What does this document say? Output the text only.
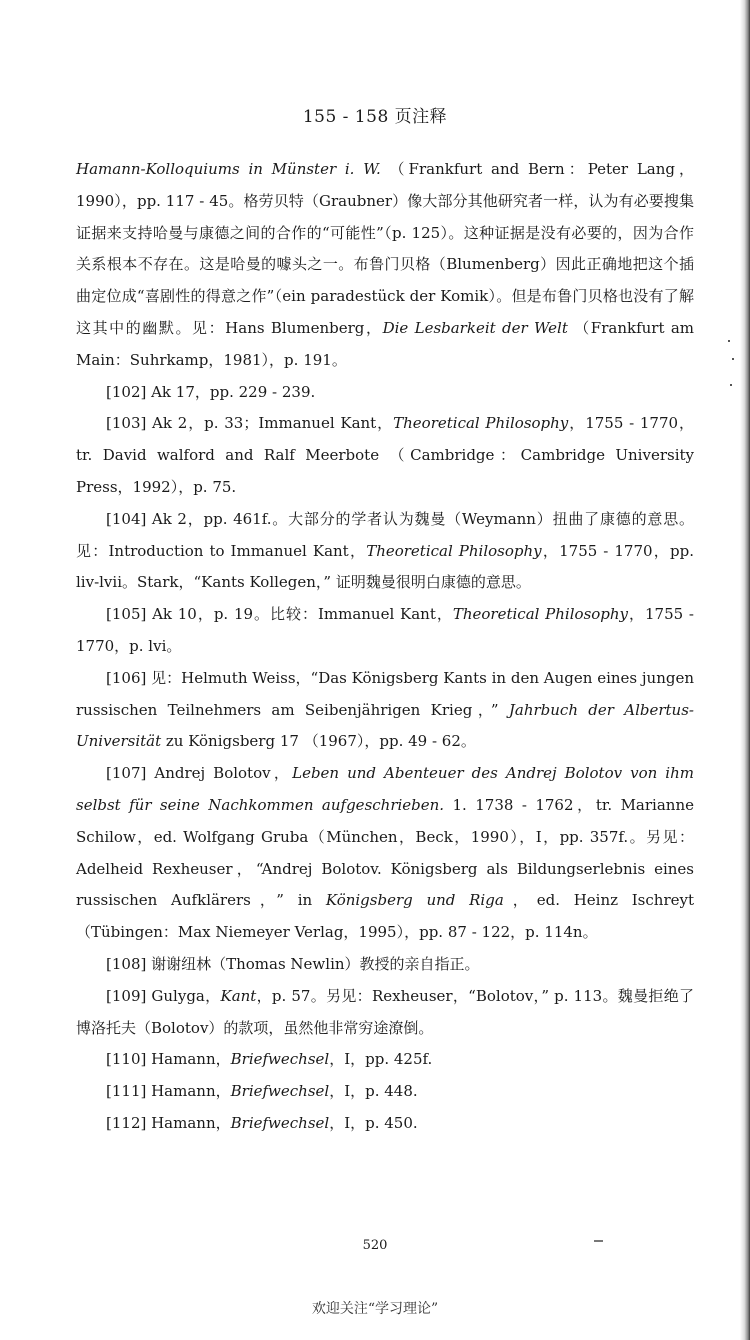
155 - 158 页注释

Hamann-Kolloquiums in Münster i. W. （Frankfurt and Bern：Peter Lang，1990），pp. 117 - 45。格劳贝特（Graubner）像大部分其他研究者一样，认为有必要搜集证据来支持哈曼与康德之间的合作的“可能性”（p. 125）。这种证据是没有必要的，因为合作关系根本不存在。这是哈曼的噱头之一。布鲁门贝格（Blumenberg）因此正确地把这个插曲定位成“喜剧性的得意之作”（ein paradestück der Komik）。但是布鲁门贝格也没有了解这其中的幽默。见：Hans Blumenberg，Die Lesbarkeit der Welt （Frankfurt am Main：Suhrkamp，1981），p. 191。

[102] Ak 17，pp. 229 - 239.

[103] Ak 2，p. 33；Immanuel Kant，Theoretical Philosophy，1755 - 1770，tr. David walford and Ralf Meerbote （Cambridge：Cambridge University Press，1992），p. 75.

[104] Ak 2，pp. 461f.。大部分的学者认为魏曼（Weymann）扭曲了康德的意思。见：Introduction to Immanuel Kant，Theoretical Philosophy，1755 - 1770，pp. liv-lvii。Stark，“Kants Kollegen，” 证明魏曼很明白康德的意思。

[105] Ak 10，p. 19。比较：Immanuel Kant，Theoretical Philosophy，1755 - 1770，p. lvi。

[106] 见：Helmuth Weiss，“Das Königsberg Kants in den Augen eines jungen russischen Teilnehmers am Seibenjährigen Krieg，” Jahrbuch der Albertus-Universität zu Königsberg 17 （1967），pp. 49 - 62。

[107] Andrej Bolotov，Leben und Abenteuer des Andrej Bolotov von ihm selbst für seine Nachkommen aufgeschrieben. 1. 1738 - 1762，tr. Marianne Schilow，ed. Wolfgang Gruba（München，Beck，1990），I，pp. 357f.。另见：Adelheid Rexheuser，“Andrej Bolotov. Königsberg als Bildungserlebnis eines russischen Aufklärers，” in Königsberg und Riga，ed. Heinz Ischreyt （Tübingen：Max Niemeyer Verlag，1995），pp. 87 - 122，p. 114n。

[108] 谢谢纽林（Thomas Newlin）教授的亲自指正。

[109] Gulyga，Kant，p. 57。另见：Rexheuser，“Bolotov，” p. 113。魏曼拒绝了博洛托夫（Bolotov）的款项，虽然他非常穷途潦倒。

[110] Hamann，Briefwechsel，I，pp. 425f.

[111] Hamann，Briefwechsel，I，p. 448.

[112] Hamann，Briefwechsel，I，p. 450.

520
欢迎关注“学习理论”
